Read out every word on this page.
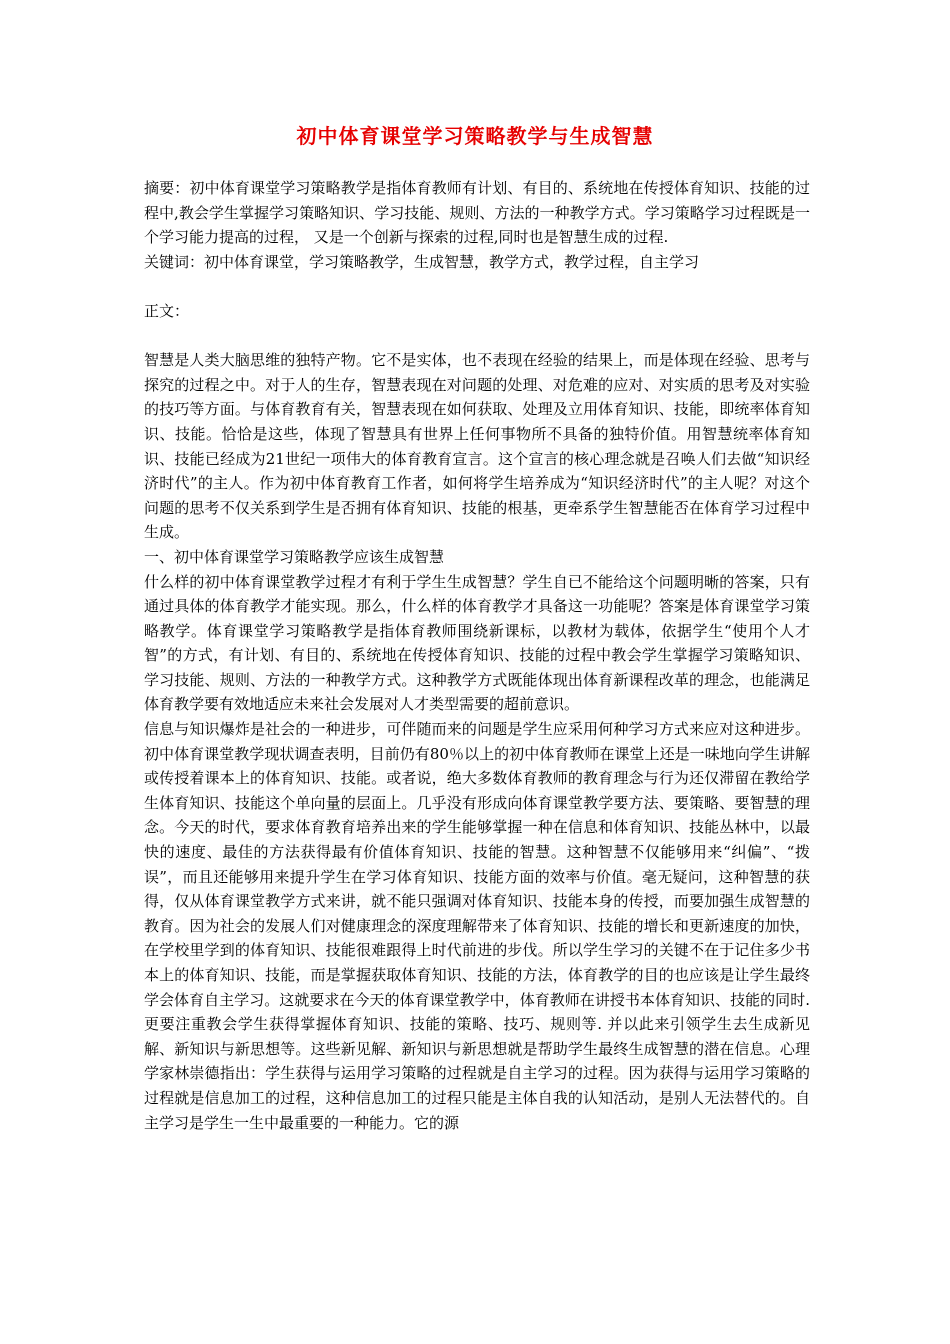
初中体育课堂学习策略教学与生成智慧

摘要：初中体育课堂学习策略教学是指体育教师有计划、有目的、系统地在传授体育知识、技能的过程中,教会学生掌握学习策略知识、学习技能、规则、方法的一种教学方式。学习策略学习过程既是一个学习能力提高的过程， 又是一个创新与探索的过程,同时也是智慧生成的过程.

关键词：初中体育课堂，学习策略教学，生成智慧，教学方式，教学过程，自主学习

正文：

智慧是人类大脑思维的独特产物。它不是实体，也不表现在经验的结果上，而是体现在经验、思考与探究的过程之中。对于人的生存，智慧表现在对问题的处理、对危难的应对、对实质的思考及对实验的技巧等方面。与体育教育有关，智慧表现在如何获取、处理及立用体育知识、技能，即统率体育知识、技能。恰恰是这些，体现了智慧具有世界上任何事物所不具备的独特价值。用智慧统率体育知识、技能已经成为21世纪一项伟大的体育教育宣言。这个宣言的核心理念就是召唤人们去做“知识经济时代”的主人。作为初中体育教育工作者，如何将学生培养成为“知识经济时代”的主人呢？对这个问题的思考不仅关系到学生是否拥有体育知识、技能的根基，更牵系学生智慧能否在体育学习过程中生成。

一、初中体育课堂学习策略教学应该生成智慧

什么样的初中体育课堂教学过程才有利于学生生成智慧？学生自已不能给这个问题明晰的答案，只有通过具体的体育教学才能实现。那么，什么样的体育教学才具备这一功能呢？答案是体育课堂学习策略教学。体育课堂学习策略教学是指体育教师围绕新课标，以教材为载体，依据学生“使用个人才智”的方式，有计划、有目的、系统地在传授体育知识、技能的过程中教会学生掌握学习策略知识、学习技能、规则、方法的一种教学方式。这种教学方式既能体现出体育新课程改革的理念，也能满足体育教学要有效地适应未来社会发展对人才类型需要的超前意识。

信息与知识爆炸是社会的一种进步，可伴随而来的问题是学生应采用何种学习方式来应对这种进步。初中体育课堂教学现状调查表明，目前仍有80％以上的初中体育教师在课堂上还是一味地向学生讲解或传授着课本上的体育知识、技能。或者说，绝大多数体育教师的教育理念与行为还仅滞留在教给学生体育知识、技能这个单向量的层面上。几乎没有形成向体育课堂教学要方法、要策略、要智慧的理念。今天的时代，要求体育教育培养出来的学生能够掌握一种在信息和体育知识、技能丛林中，以最快的速度、最佳的方法获得最有价值体育知识、技能的智慧。这种智慧不仅能够用来“纠偏”、“拨误”，而且还能够用来提升学生在学习体育知识、技能方面的效率与价值。毫无疑问，这种智慧的获得，仅从体育课堂教学方式来讲，就不能只强调对体育知识、技能本身的传授，而要加强生成智慧的教育。因为社会的发展人们对健康理念的深度理解带来了体育知识、技能的增长和更新速度的加快，在学校里学到的体育知识、技能很难跟得上时代前进的步伐。所以学生学习的关键不在于记住多少书本上的体育知识、技能，而是掌握获取体育知识、技能的方法，体育教学的目的也应该是让学生最终学会体育自主学习。这就要求在今天的体育课堂教学中，体育教师在讲授书本体育知识、技能的同时. 更要注重教会学生获得掌握体育知识、技能的策略、技巧、规则等. 并以此来引领学生去生成新见解、新知识与新思想等。这些新见解、新知识与新思想就是帮助学生最终生成智慧的潜在信息。心理学家林崇德指出：学生获得与运用学习策略的过程就是自主学习的过程。因为获得与运用学习策略的过程就是信息加工的过程，这种信息加工的过程只能是主体自我的认知活动，是别人无法替代的。自主学习是学生一生中最重要的一种能力。它的源
